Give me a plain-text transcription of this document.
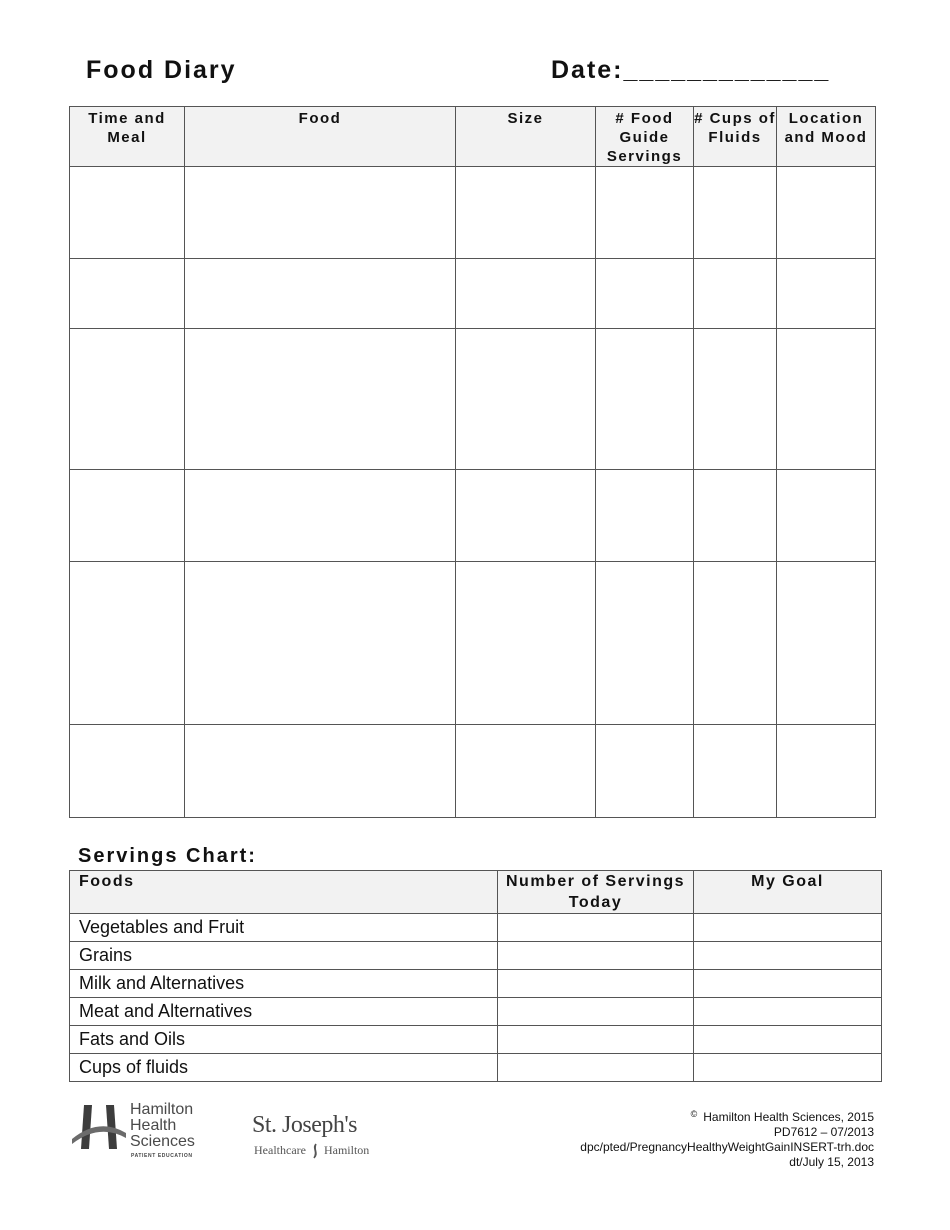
Food Diary	Date:_____________
Time and Meal	Food	Size	# Food Guide Servings	# Cups of Fluids	Location and Mood

Servings Chart:
Foods	Number of Servings Today	My Goal
Vegetables and Fruit		
Grains		
Milk and Alternatives		
Meat and Alternatives		
Fats and Oils		
Cups of fluids		
Hamilton
Health
Sciences
PATIENT EDUCATION
St. Joseph's
Healthcare Hamilton
© Hamilton Health Sciences, 2015
PD7612 – 07/2013
dpc/pted/PregnancyHealthyWeightGainINSERT-trh.doc
dt/July 15, 2013
